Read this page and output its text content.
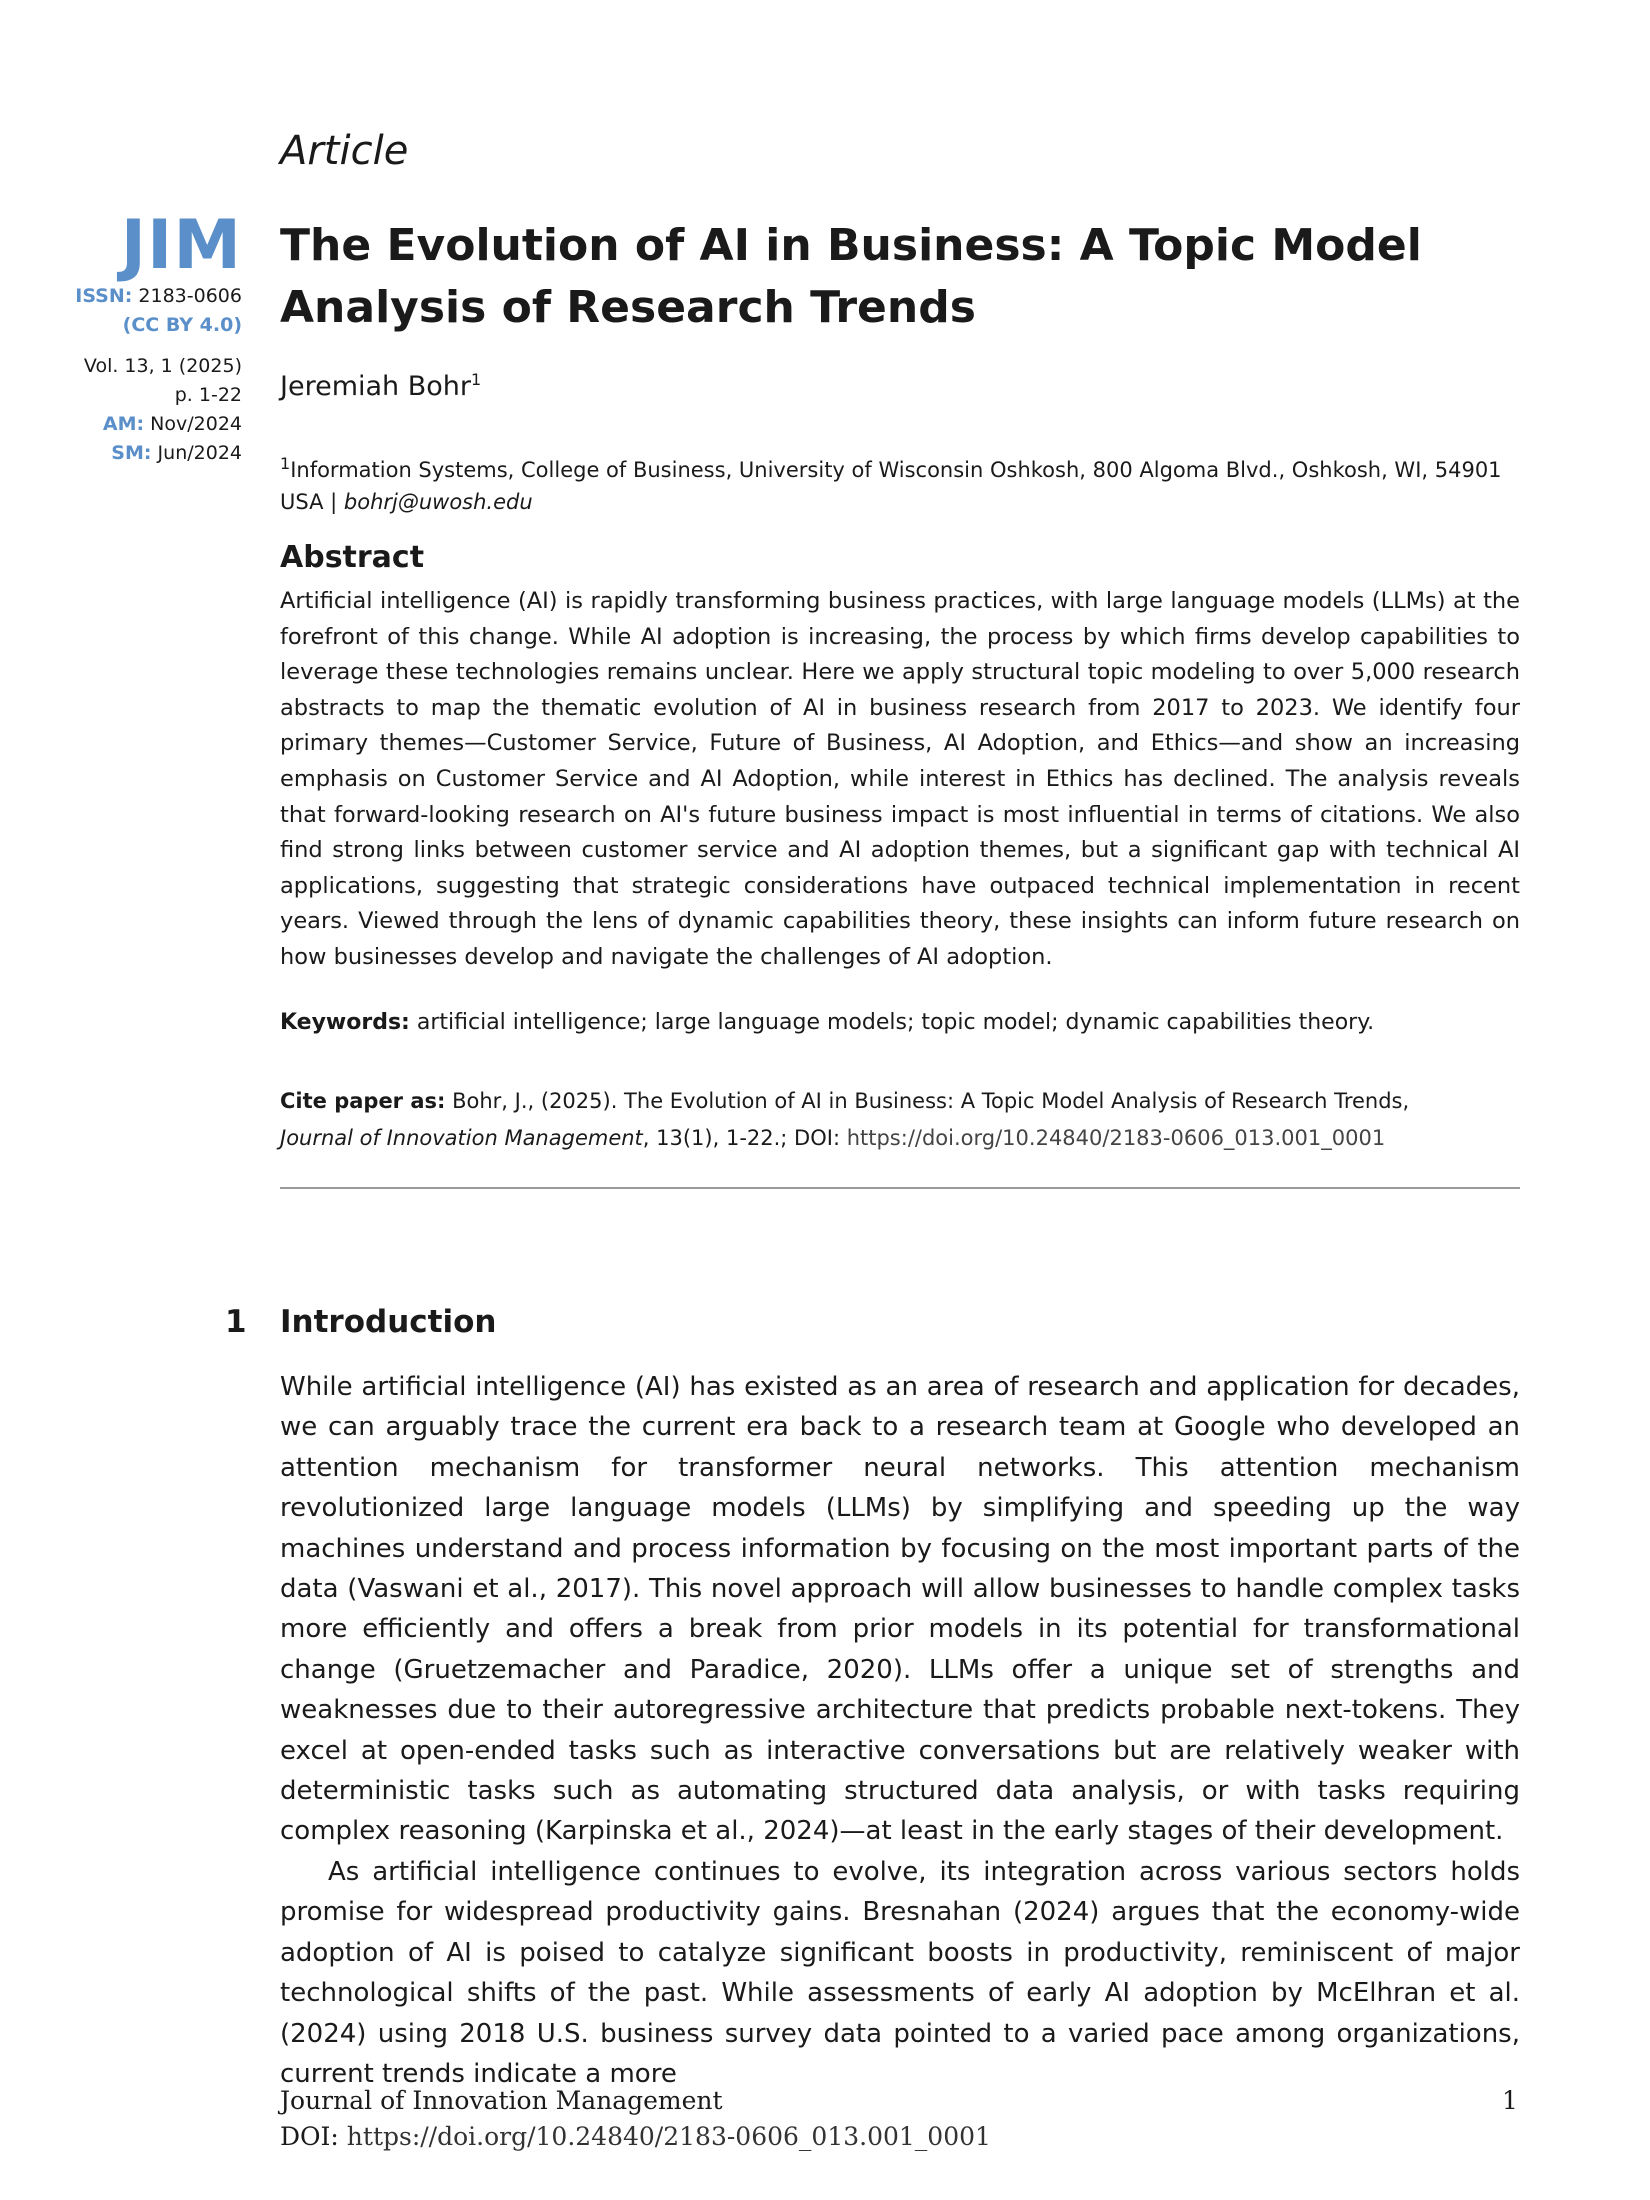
Article
JIM
ISSN: 2183-0606
(CC BY 4.0)
Vol. 13, 1 (2025)
p. 1-22
AM: Nov/2024
SM: Jun/2024
The Evolution of AI in Business: A Topic Model Analysis of Research Trends
Jeremiah Bohr$^1$
$^1$Information Systems, College of Business, University of Wisconsin Oshkosh, 800 Algoma Blvd., Oshkosh, WI, 54901 USA | bohrj@uwosh.edu
Abstract
Artificial intelligence (AI) is rapidly transforming business practices, with large language models (LLMs) at the forefront of this change. While AI adoption is increasing, the process by which firms develop capabilities to leverage these technologies remains unclear. Here we apply structural topic modeling to over 5,000 research abstracts to map the thematic evolution of AI in business research from 2017 to 2023. We identify four primary themes—Customer Service, Future of Business, AI Adoption, and Ethics—and show an increasing emphasis on Customer Service and AI Adoption, while interest in Ethics has declined. The analysis reveals that forward-looking research on AI's future business impact is most influential in terms of citations. We also find strong links between customer service and AI adoption themes, but a significant gap with technical AI applications, suggesting that strategic considerations have outpaced technical implementation in recent years. Viewed through the lens of dynamic capabilities theory, these insights can inform future research on how businesses develop and navigate the challenges of AI adoption.
Keywords: artificial intelligence; large language models; topic model; dynamic capabilities theory.
Cite paper as: Bohr, J., (2025). The Evolution of AI in Business: A Topic Model Analysis of Research Trends,
Journal of Innovation Management, 13(1), 1-22.; DOI: https://doi.org/10.24840/2183-0606_013.001_0001
1 Introduction

While artificial intelligence (AI) has existed as an area of research and application for decades, we can arguably trace the current era back to a research team at Google who developed an attention mechanism for transformer neural networks. This attention mechanism revolutionized large language models (LLMs) by simplifying and speeding up the way machines understand and process information by focusing on the most important parts of the data (Vaswani et al., 2017). This novel approach will allow businesses to handle complex tasks more efficiently and offers a break from prior models in its potential for transformational change (Gruetzemacher and Paradice, 2020). LLMs offer a unique set of strengths and weaknesses due to their autoregressive architecture that predicts probable next-tokens. They excel at open-ended tasks such as interactive conversations but are relatively weaker with deterministic tasks such as automating structured data analysis, or with tasks requiring complex reasoning (Karpinska et al., 2024)—at least in the early stages of their development.

As artificial intelligence continues to evolve, its integration across various sectors holds promise for widespread productivity gains. Bresnahan (2024) argues that the economy-wide adoption of AI is poised to catalyze significant boosts in productivity, reminiscent of major technological shifts of the past. While assessments of early AI adoption by McElhran et al. (2024) using 2018 U.S. business survey data pointed to a varied pace among organizations, current trends indicate a more

Journal of Innovation Management
DOI: https://doi.org/10.24840/2183-0606_013.001_0001
1
